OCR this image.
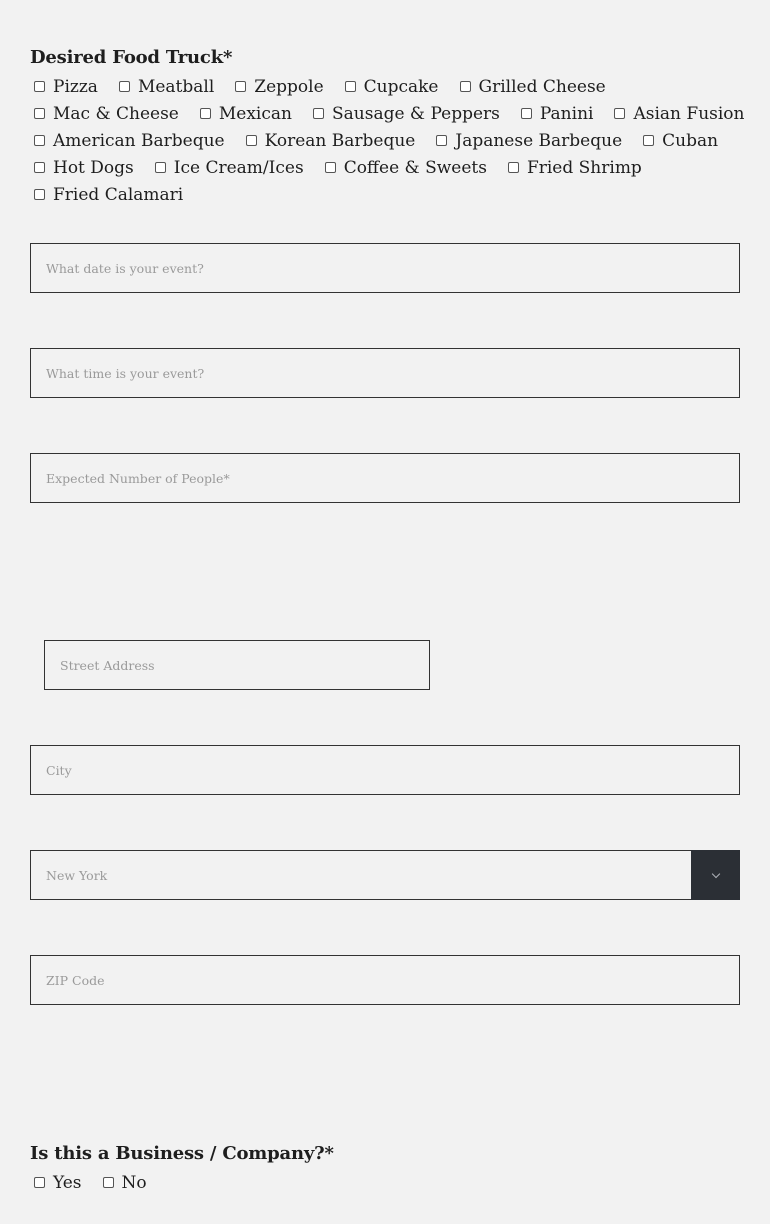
Desired Food Truck*
Pizza Meatball Zeppole Cupcake Grilled Cheese
Mac & Cheese Mexican Sausage & Peppers Panini Asian Fusion
American Barbeque Korean Barbeque Japanese Barbeque Cuban
Hot Dogs Ice Cream/Ices Coffee & Sweets Fried Shrimp
Fried Calamari
What date is your event?
What time is your event?
Expected Number of People*
Street Address
City
New York
ZIP Code
Is this a Business / Company?*
Yes No
